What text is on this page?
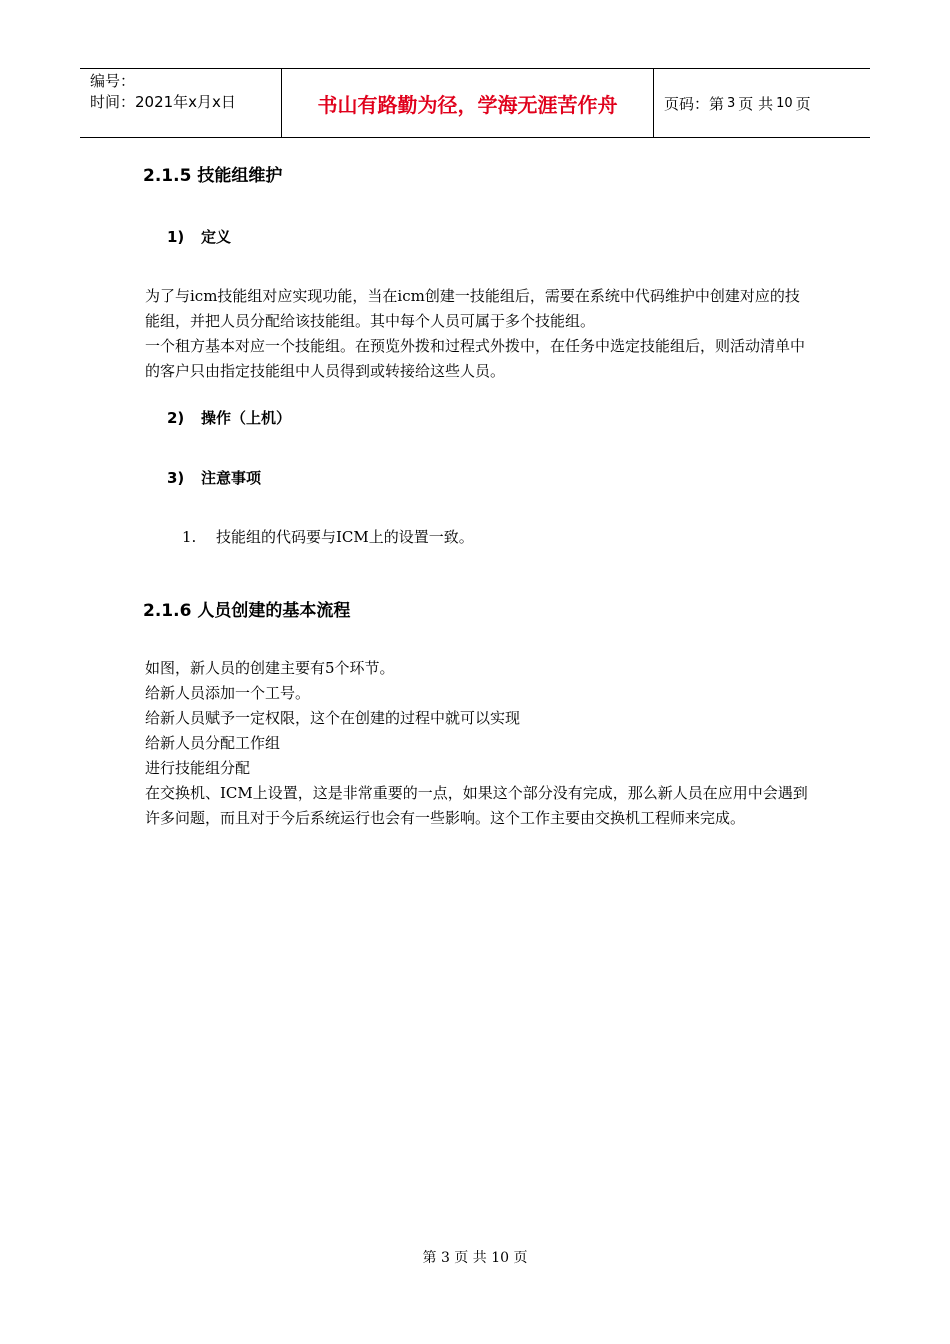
编号：
时间：2021年x月x日	书山有路勤为径，学海无涯苦作舟	页码：第 3 页 共 10 页
2.1.5 技能组维护
1) 定义

为了与icm技能组对应实现功能，当在icm创建一技能组后，需要在系统中代码维护中创建对应的技能组，并把人员分配给该技能组。其中每个人员可属于多个技能组。

一个租方基本对应一个技能组。在预览外拨和过程式外拨中，在任务中选定技能组后，则活动清单中的客户只由指定技能组中人员得到或转接给这些人员。

2) 操作（上机）
3) 注意事项
1. 技能组的代码要与ICM上的设置一致。
2.1.6 人员创建的基本流程

如图，新人员的创建主要有5个环节。

给新人员添加一个工号。

给新人员赋予一定权限，这个在创建的过程中就可以实现

给新人员分配工作组

进行技能组分配

在交换机、ICM上设置，这是非常重要的一点，如果这个部分没有完成，那么新人员在应用中会遇到许多问题，而且对于今后系统运行也会有一些影响。这个工作主要由交换机工程师来完成。

第 3 页 共 10 页
